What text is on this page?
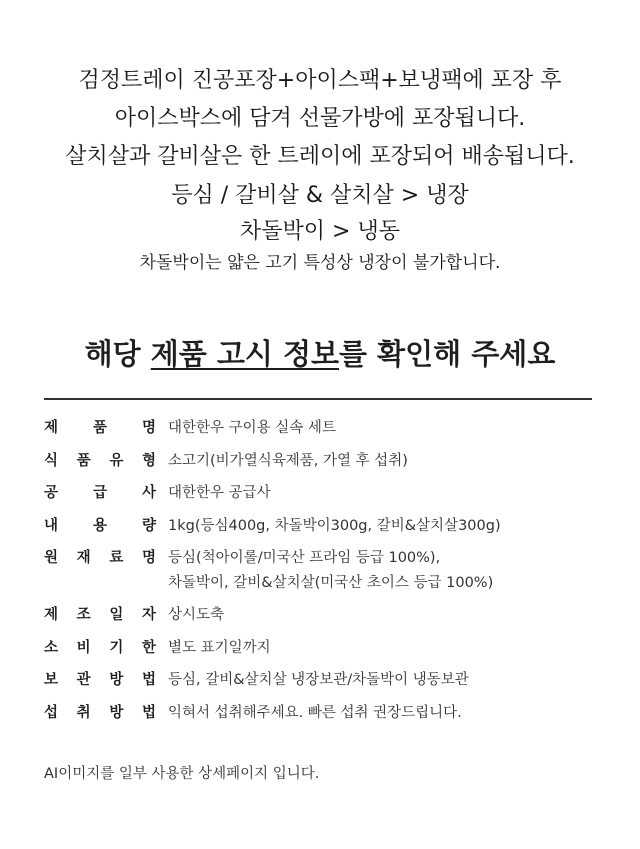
검정트레이 진공포장+아이스팩+보냉팩에 포장 후
아이스박스에 담겨 선물가방에 포장됩니다.
살치살과 갈비살은 한 트레이에 포장되어 배송됩니다.
등심 / 갈비살 & 살치살 > 냉장
차돌박이 > 냉동
차돌박이는 얇은 고기 특성상 냉장이 불가합니다.
해당 제품 고시 정보를 확인해 주세요
제 품 명 대한한우 구이용 실속 세트
식 품 유 형 소고기(비가열식육제품, 가열 후 섭취)
공 급 사 대한한우 공급사
내 용 량 1kg(등심400g, 차돌박이300g, 갈비&살치살300g)
원 재 료 명 등심(척아이롤/미국산 프라임 등급 100%),
차돌박이, 갈비&살치살(미국산 초이스 등급 100%)
제 조 일 자 상시도축
소 비 기 한 별도 표기일까지
보 관 방 법 등심, 갈비&살치살 냉장보관/차돌박이 냉동보관
섭 취 방 법 익혀서 섭취해주세요. 빠른 섭취 권장드립니다.
AI이미지를 일부 사용한 상세페이지 입니다.
